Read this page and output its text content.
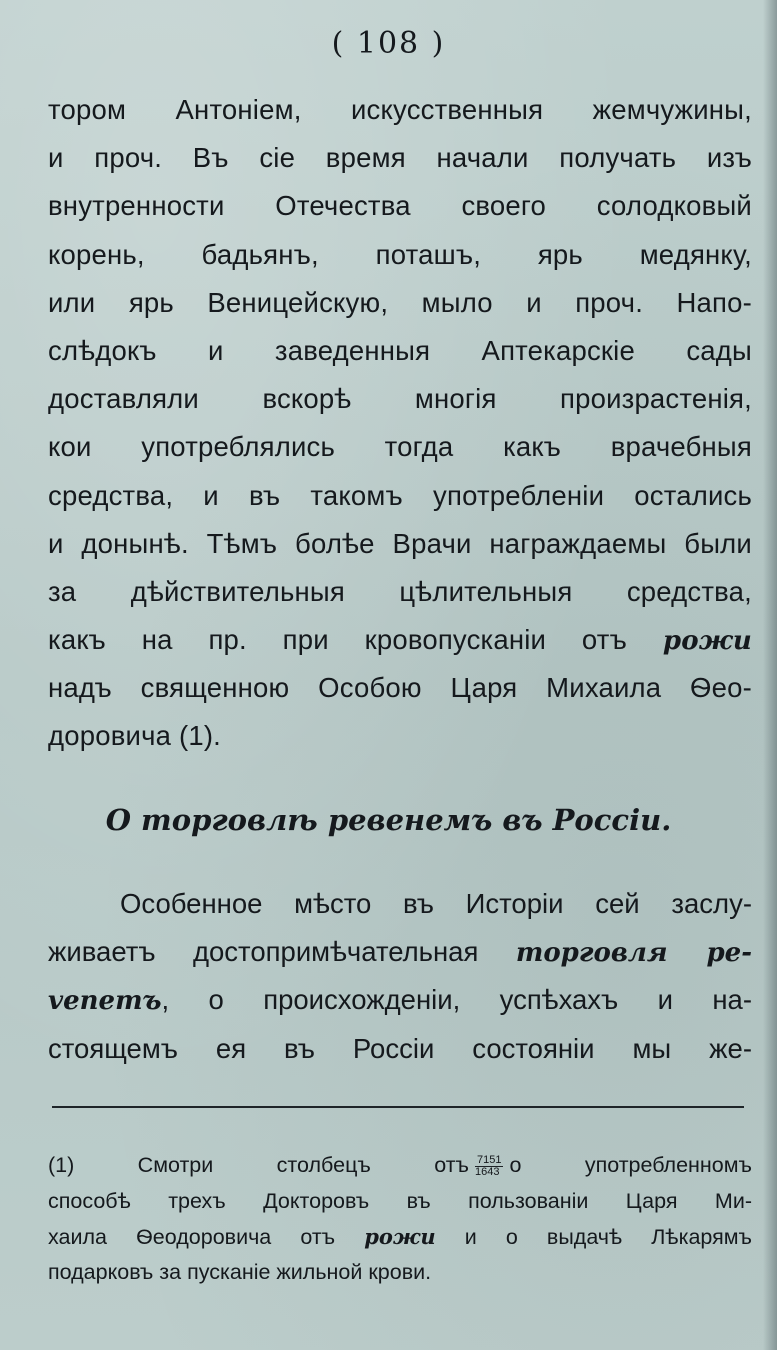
( 108 )
тором Антонiем, искусственныя жемчужины,
и проч. Въ сiе время начали получать изъ
внутренности Отечества своего солодковый
корень, бадьянъ, поташъ, ярь медянку,
или ярь Веницейскую, мыло и проч. Напо-
слѣдокъ и заведенныя Аптекарскiе сады
доставляли вскорѣ многiя произрастенiя,
кои употреблялись тогда какъ врачебныя
средства, и въ такомъ употребленiи остались
и донынѣ. Тѣмъ болѣе Врачи награждаемы были
за дѣйствительныя цѣлительныя средства,
какъ на пр. при кровопусканiи отъ рожи
надъ священною Особою Царя Михаила Ѳео-
доровича (1).
О торговлѣ ревенемъ въ Россiи.
Особенное мѣсто въ Исторiи сей заслу-
живаетъ достопримѣчательная торговля ре-
venemъ, о происхожденiи, успѣхахъ и на-
стоящемъ ея въ Россiи состоянiи мы же-
(1) Смотри столбецъ отъ $\frac{7151}{1643}$ о употребленномъ
способѣ трехъ Докторовъ въ пользованiи Царя Ми-
хаила Ѳеодоровича отъ рожи и о выдачѣ Лѣкарямъ
подарковъ за пусканiе жильной крови.
